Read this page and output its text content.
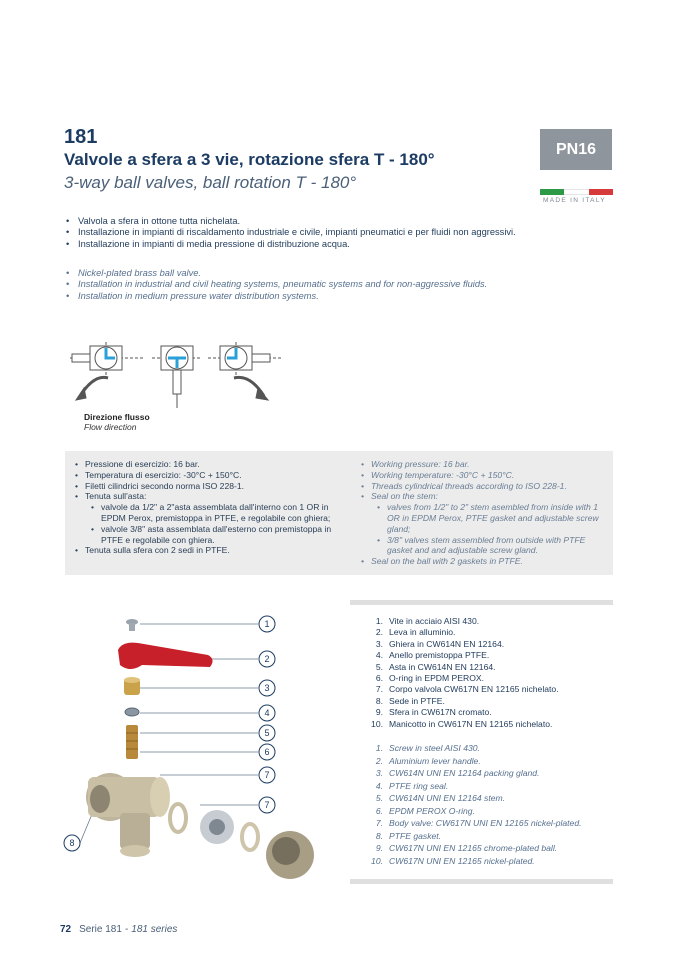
181
Valvole a sfera a 3 vie, rotazione sfera T - 180°
3-way ball valves, ball rotation T - 180°
PN16
MADE IN ITALY
• Valvola a sfera in ottone tutta nichelata.
• Installazione in impianti di riscaldamento industriale e civile, impianti pneumatici e per fluidi non aggressivi.
• Installazione in impianti di media pressione di distribuzione acqua.
• Nickel-plated brass ball valve.
• Installation in industrial and civil heating systems, pneumatic systems and for non-aggressive fluids.
• Installation in medium pressure water distribution systems.
Direzione flusso
Flow direction
• Pressione di esercizio: 16 bar.
• Temperatura di esercizio: -30°C + 150°C.
• Filetti cilindrici secondo norma ISO 228-1.
• Tenuta sull'asta:
• valvole da 1/2" a 2"asta assemblata dall'interno con 1 OR in EPDM Perox, premistoppa in PTFE, e regolabile con ghiera;
• valvole 3/8" asta assemblata dall'esterno con premistoppa in PTFE e regolabile con ghiera.
• Tenuta sulla sfera con 2 sedi in PTFE.
• Working pressure: 16 bar.
• Working temperature: -30°C + 150°C.
• Threads cylindrical threads according to ISO 228-1.
• Seal on the stem:
• valves from 1/2" to 2" stem asembled from inside with 1 OR in EPDM Perox, PTFE gasket and adjustable screw gland;
• 3/8" valves stem assembled from outside with PTFE gasket and and adjustable screw gland.
• Seal on the ball with 2 gaskets in PTFE.
1
2
3
4
5
6
7
7
8
1. Vite in acciaio AISI 430.
2. Leva in alluminio.
3. Ghiera in CW614N EN 12164.
4. Anello premistoppa PTFE.
5. Asta in CW614N EN 12164.
6. O-ring in EPDM PEROX.
7. Corpo valvola CW617N EN 12165 nichelato.
8. Sede in PTFE.
9. Sfera in CW617N cromato.
10. Manicotto in CW617N EN 12165 nichelato.
1. Screw in steel AISI 430.
2. Aluminium lever handle.
3. CW614N UNI EN 12164 packing gland.
4. PTFE ring seal.
5. CW614N UNI EN 12164 stem.
6. EPDM PEROX O-ring.
7. Body valve: CW617N UNI EN 12165 nickel-plated.
8. PTFE gasket.
9. CW617N UNI EN 12165 chrome-plated ball.
10. CW617N UNI EN 12165 nickel-plated.
72 Serie 181 - 181 series
